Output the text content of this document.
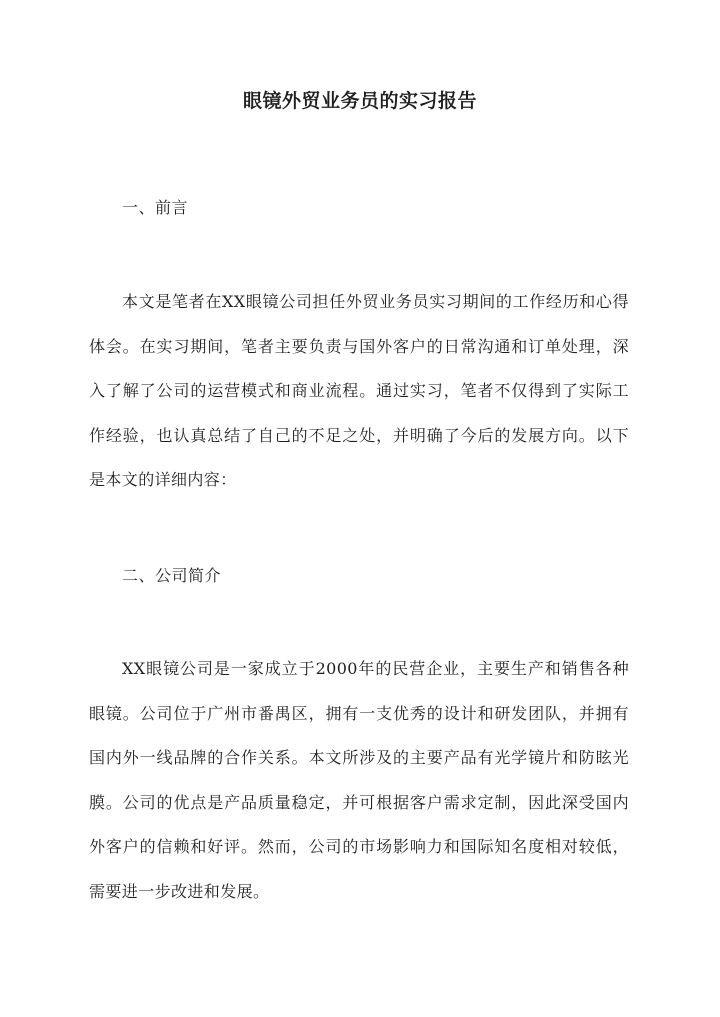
眼镜外贸业务员的实习报告
一、前言
本文是笔者在XX眼镜公司担任外贸业务员实习期间的工作经历和心得体会。在实习期间，笔者主要负责与国外客户的日常沟通和订单处理，深入了解了公司的运营模式和商业流程。通过实习，笔者不仅得到了实际工作经验，也认真总结了自己的不足之处，并明确了今后的发展方向。以下是本文的详细内容：
二、公司简介
XX眼镜公司是一家成立于2000年的民营企业，主要生产和销售各种眼镜。公司位于广州市番禺区，拥有一支优秀的设计和研发团队，并拥有国内外一线品牌的合作关系。本文所涉及的主要产品有光学镜片和防眩光膜。公司的优点是产品质量稳定，并可根据客户需求定制，因此深受国内外客户的信赖和好评。然而，公司的市场影响力和国际知名度相对较低，需要进一步改进和发展。
